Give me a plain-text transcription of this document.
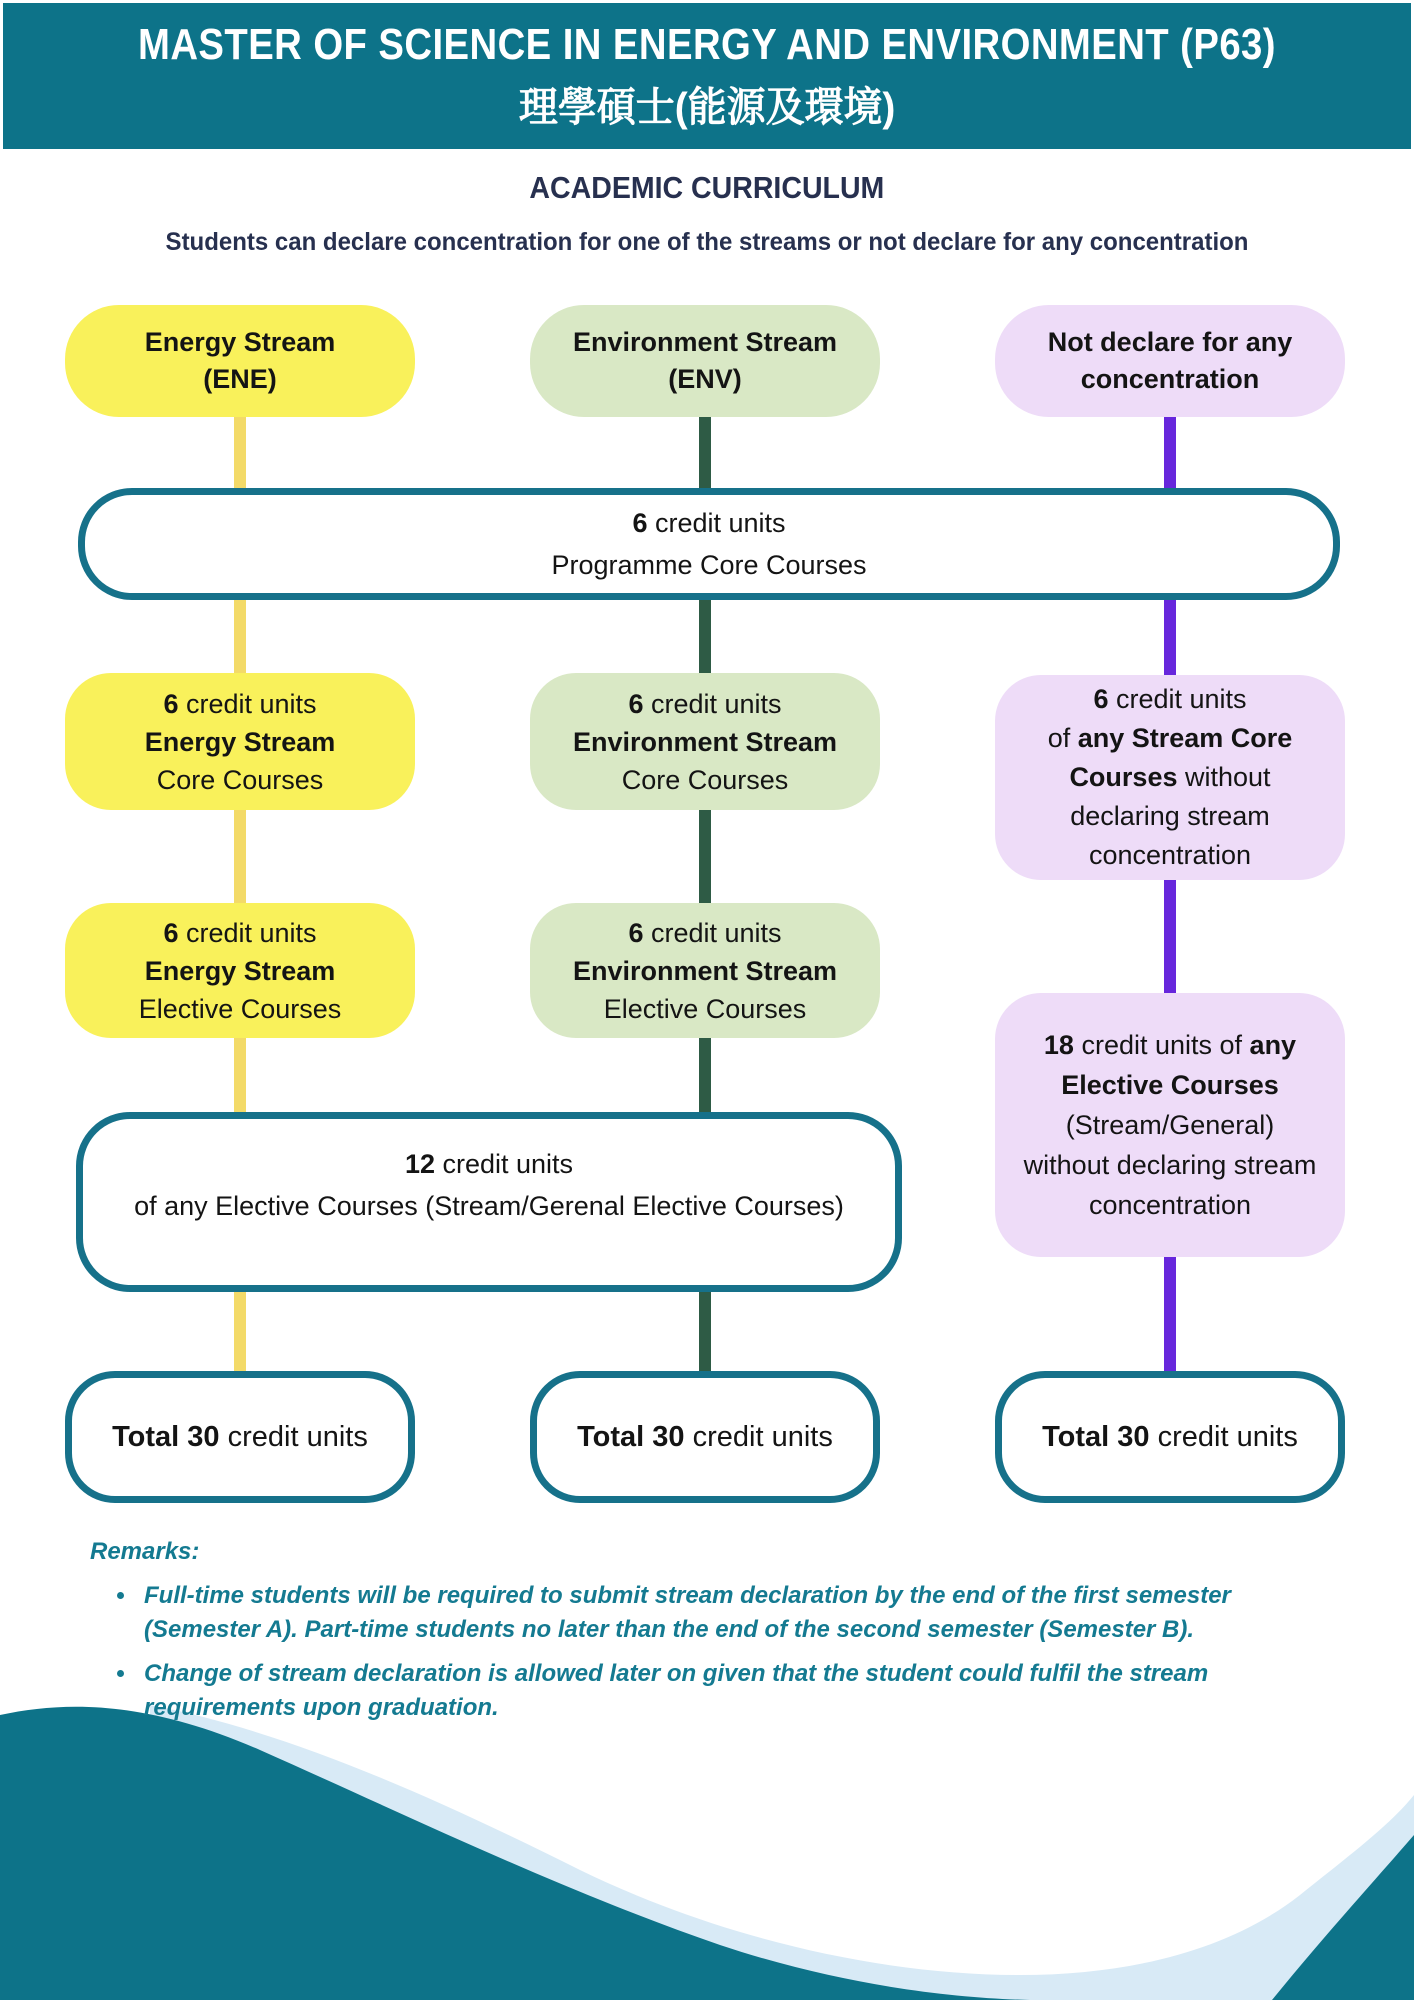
MASTER OF SCIENCE IN ENERGY AND ENVIRONMENT (P63)
理學碩士(能源及環境)
ACADEMIC CURRICULUM
Students can declare concentration for one of the streams or not declare for any concentration
Energy Stream
(ENE)
Environment Stream
(ENV)
Not declare for any
concentration
6 credit units
Programme Core Courses
6 credit units
Energy Stream
Core Courses
6 credit units
Environment Stream
Core Courses
6 credit units
of any Stream Core
Courses without
declaring stream
concentration
6 credit units
Energy Stream
Elective Courses
6 credit units
Environment Stream
Elective Courses
18 credit units of any
Elective Courses
(Stream/General)
without declaring stream
concentration
12 credit units
of any Elective Courses (Stream/Gerenal Elective Courses)
Total 30 credit units	Total 30 credit units	Total 30 credit units

Remarks:

• Full-time students will be required to submit stream declaration by the end of the first semester (Semester A). Part-time students no later than the end of the second semester (Semester B).
• Change of stream declaration is allowed later on given that the student could fulfil the stream requirements upon graduation.
